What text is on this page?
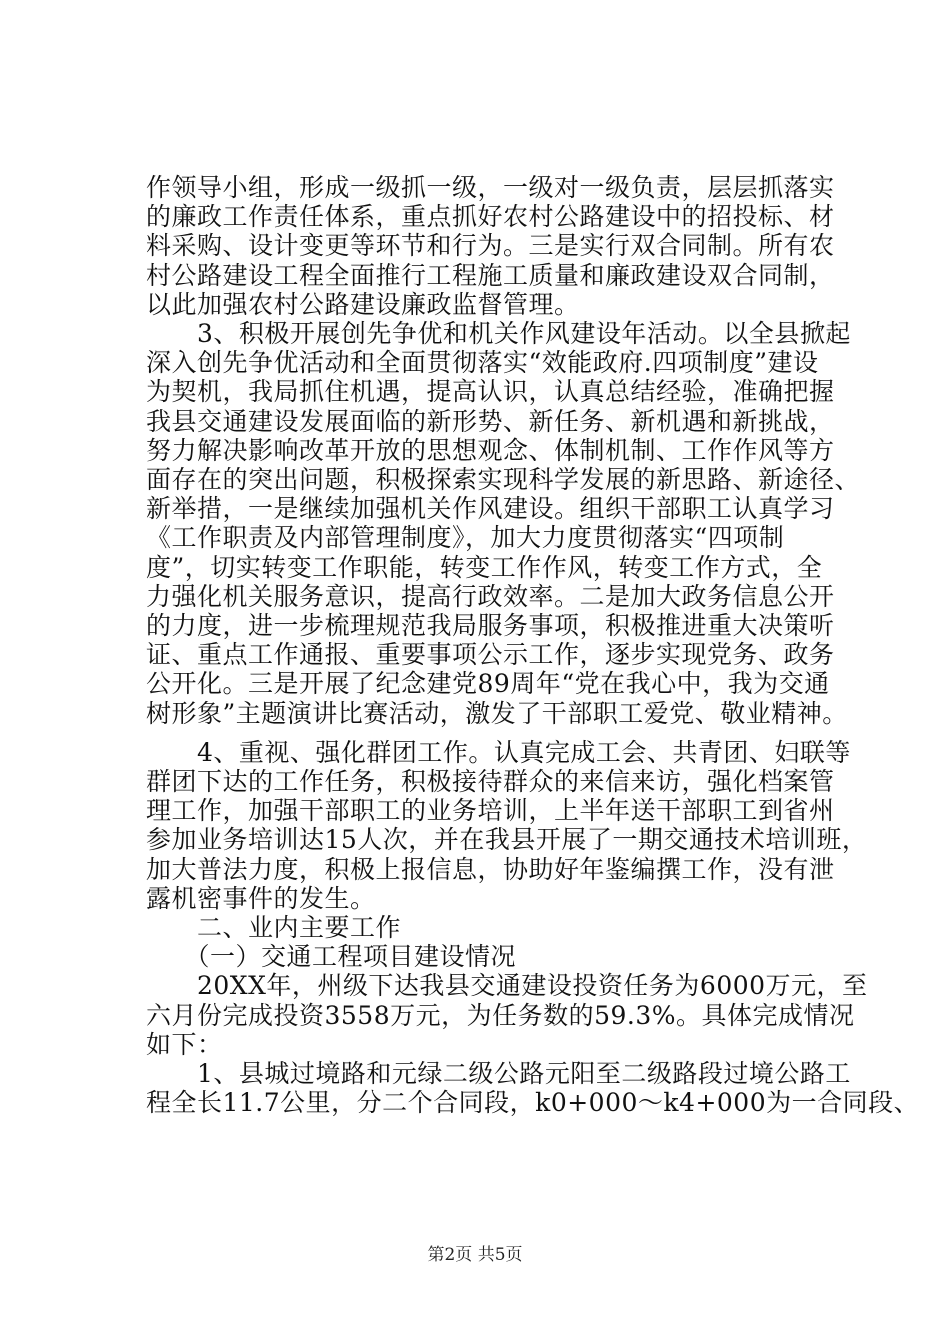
作领导小组，形成一级抓一级，一级对一级负责，层层抓落实
的廉政工作责任体系，重点抓好农村公路建设中的招投标、材
料采购、设计变更等环节和行为。三是实行双合同制。所有农
村公路建设工程全面推行工程施工质量和廉政建设双合同制，
以此加强农村公路建设廉政监督管理。
　　3、积极开展创先争优和机关作风建设年活动。以全县掀起
深入创先争优活动和全面贯彻落实“效能政府.四项制度”建设
为契机，我局抓住机遇，提高认识，认真总结经验，准确把握
我县交通建设发展面临的新形势、新任务、新机遇和新挑战，
努力解决影响改革开放的思想观念、体制机制、工作作风等方
面存在的突出问题，积极探索实现科学发展的新思路、新途径、
新举措，一是继续加强机关作风建设。组织干部职工认真学习
《工作职责及内部管理制度》，加大力度贯彻落实“四项制
度”，切实转变工作职能，转变工作作风，转变工作方式，全
力强化机关服务意识，提高行政效率。二是加大政务信息公开
的力度，进一步梳理规范我局服务事项，积极推进重大决策听
证、重点工作通报、重要事项公示工作，逐步实现党务、政务
公开化。三是开展了纪念建党89周年“党在我心中，我为交通
树形象”主题演讲比赛活动，激发了干部职工爱党、敬业精神。
　　4、重视、强化群团工作。认真完成工会、共青团、妇联等
群团下达的工作任务，积极接待群众的来信来访，强化档案管
理工作，加强干部职工的业务培训，上半年送干部职工到省州
参加业务培训达15人次，并在我县开展了一期交通技术培训班，
加大普法力度，积极上报信息，协助好年鉴编撰工作，没有泄
露机密事件的发生。
　　二、业内主要工作
　　（一）交通工程项目建设情况
　　20XX年，州级下达我县交通建设投资任务为6000万元，至
六月份完成投资3558万元，为任务数的59.3%。具体完成情况
如下：
　　1、县城过境路和元绿二级公路元阳至二级路段过境公路工
程全长11.7公里，分二个合同段，k0+000～k4+000为一合同段、
第2页 共5页
